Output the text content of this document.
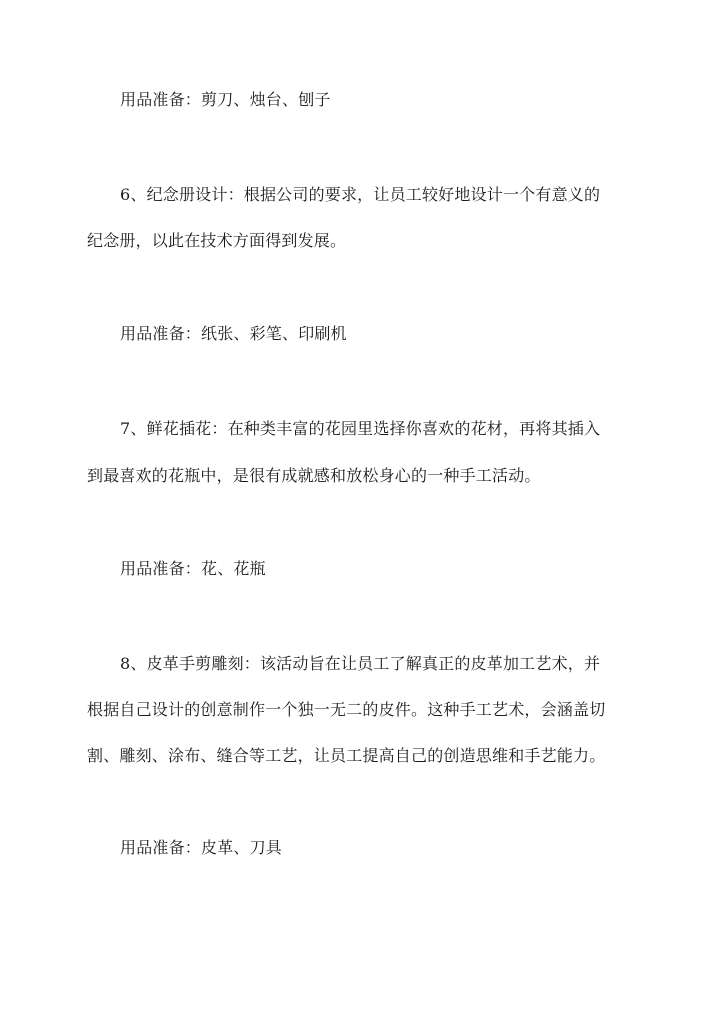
用品准备：剪刀、烛台、刨子
6、纪念册设计：根据公司的要求，让员工较好地设计一个有意义的
纪念册，以此在技术方面得到发展。
用品准备：纸张、彩笔、印刷机
7、鲜花插花：在种类丰富的花园里选择你喜欢的花材，再将其插入
到最喜欢的花瓶中，是很有成就感和放松身心的一种手工活动。
用品准备：花、花瓶
8、皮革手剪雕刻：该活动旨在让员工了解真正的皮革加工艺术，并
根据自己设计的创意制作一个独一无二的皮件。这种手工艺术，会涵盖切
割、雕刻、涂布、缝合等工艺，让员工提高自己的创造思维和手艺能力。
用品准备：皮革、刀具
